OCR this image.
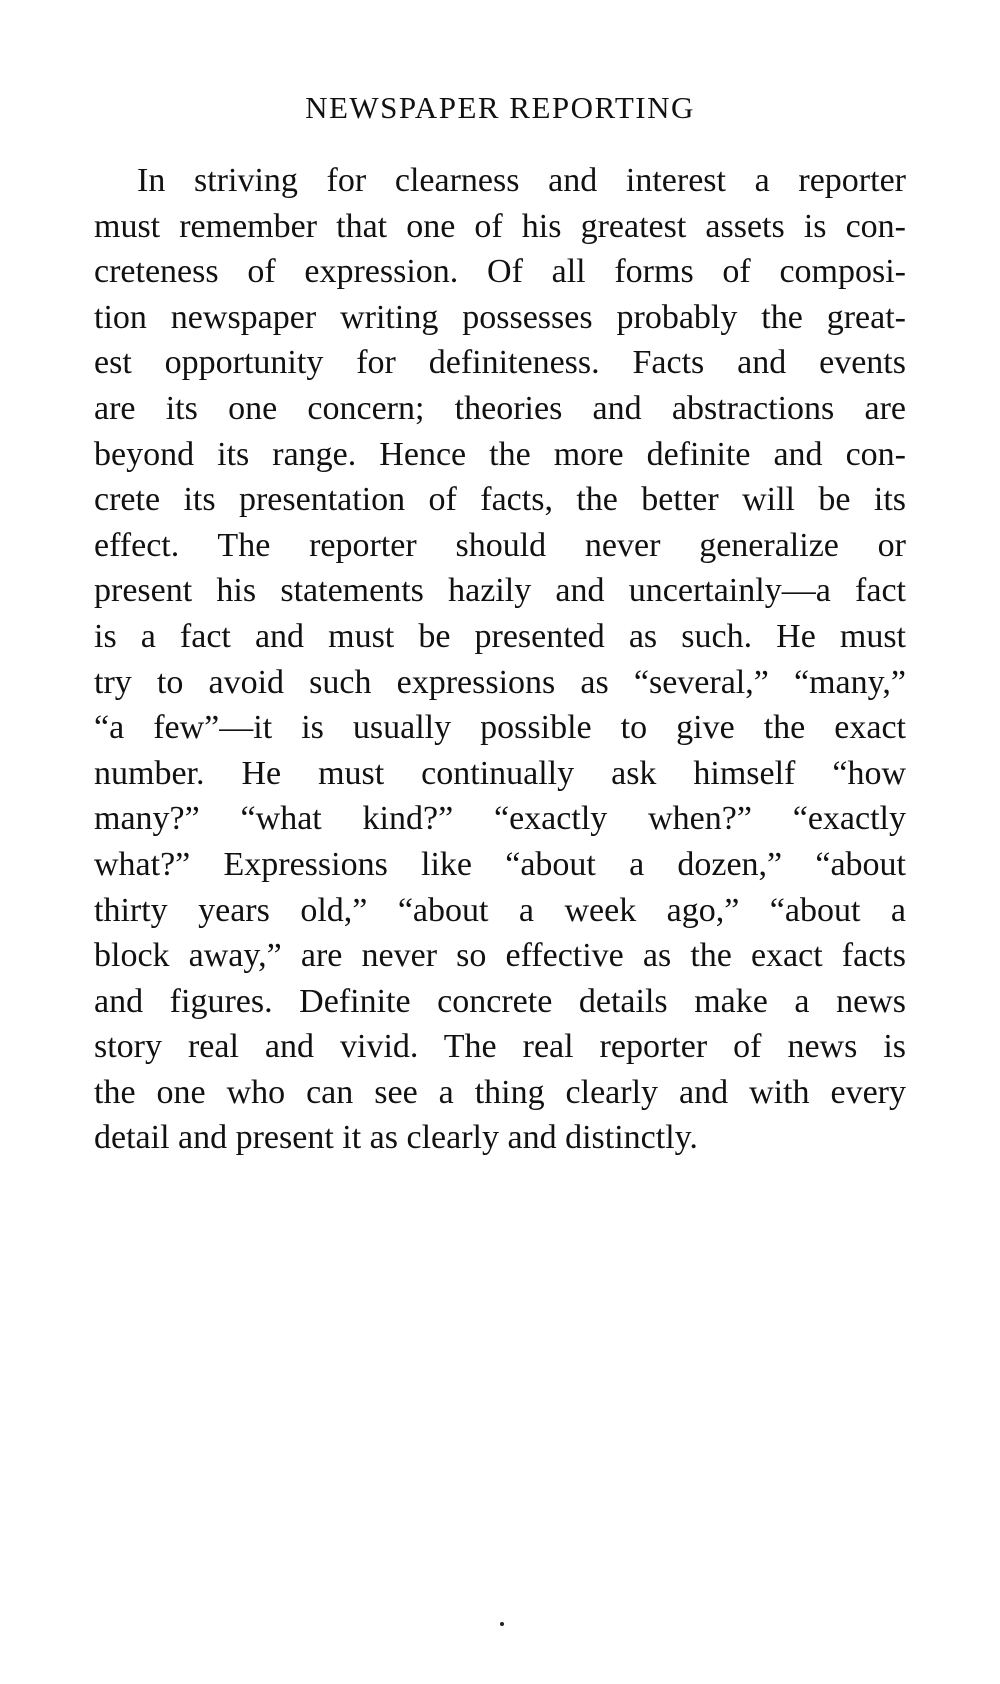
NEWSPAPER REPORTING
In striving for clearness and interest a reporter
must remember that one of his greatest assets is con-
creteness of expression. Of all forms of composi-
tion newspaper writing possesses probably the great-
est opportunity for definiteness. Facts and events
are its one concern; theories and abstractions are
beyond its range. Hence the more definite and con-
crete its presentation of facts, the better will be its
effect. The reporter should never generalize or
present his statements hazily and uncertainly—a fact
is a fact and must be presented as such. He must
try to avoid such expressions as “several,” “many,”
“a few”—it is usually possible to give the exact
number. He must continually ask himself “how
many?” “what kind?” “exactly when?” “exactly
what?” Expressions like “about a dozen,” “about
thirty years old,” “about a week ago,” “about a
block away,” are never so effective as the exact facts
and figures. Definite concrete details make a news
story real and vivid. The real reporter of news is
the one who can see a thing clearly and with every
detail and present it as clearly and distinctly.
